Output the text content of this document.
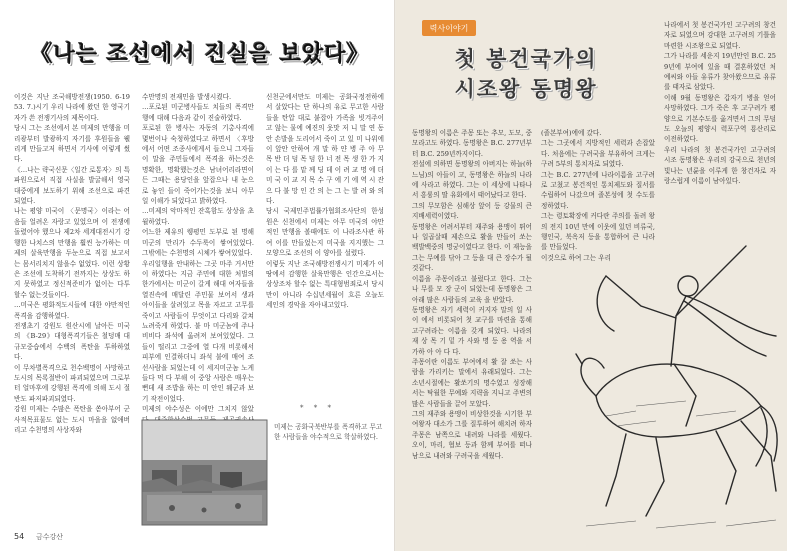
《나는 조선에서 진실을 보았다》
이것은 지난 조국해방전쟁(1950. 6-1953. 7.)시기 우리 나라에 왔던 한 영국기자가 쓴 전쟁기사의 제목이다.
당시 그는 조선에서 본 미제의 만행을 미리광부터 발광하지 자기를 후원들을 웰리게 만들고저 하면서 기사에 이렇게 썼다.
《…나는 략국신문〈일간 로통자〉의 특파원으로서 직접 사실을 발굴해서 영국대중에게 보도하기 위해 조선으로 파견되였다.
나는 평양 미국이 〈문명국〉이라는 어음들 얼려온 자랑고 있었으며 이 전쟁에 돌렸어야 했으나 제2차 세계대전시기 강행한 나치스의 만행을 훨씬 능가하는 미제의 살육만행을 두눈으로 직접 보고서는 몸서리치지 않을수 없었다. 이런 상황은 조선에 도착하기 전까지는 상상도 하지 못하였고 정신적준비가 없이는 다투할수 없는것들이다.
…미국은 평화적도시들에 대한 야만적인 폭격을 감행하였다.
전쟁초기 강원도 원산시에 날아든 미국의 《B-29》대형폭격기들은 철덩매 대규모중습에서 수백의 폭탄을 투하하였다.
이 무차별폭격으로 천수백명이 사망하고 도시의 목록절반이 파괴되였으며 그로부터 얼마후에 강행된 폭격에 의해 도시 절반도 파저파괴되였다.
강원 미제는 수많은 폭탄을 쏟아부어 군사적목표물도 없는 도시 마을을 없애버리고 수천명의 사상자와
수만명의 전재민을 발생시켰다.
…포로된 미군병사들도 치들의 폭격만행에 대해 다음과 같이 진술하였다.
포로된 한 병사는 자동의 기총사격에 몇번이나 숙청하였다고 하면서 〈후방에서 어떤 조종사에게서 들으니 그자들이 말을 주민들에서 폭격을 하는것은 명확한, 명확했는것은 남녀어리라면이든 그때는 용당인을 앞잡으나 내 눈으로 놓인 들이 죽어가는것을 보니 아무일 이해가 되었다고 밝하였다.
…미제의 악마적인 잔혹함도 상상을 초월하였다.
어느한 제유의 웽평민 도부로 된 명해 미군의 만리가 수두룩이 쌓여있었다. 그밖에는 수천명의 시체가 쌓여있었다.
우리일행을 안내하는 그곳 마주 거서만이 하였다는 지금 주민에 대한 처벌의 한가에서는 미군이 갈게 해대 여자들을 열진속에 매달린 주민물 보어서 생과 아이들을 살려있고 목을 자르고 고무를 죽이고 사람들이 무엇이고 다리와 갈쳐 뇨려죽게 하였다. 불 마 미군놈에 주나 비비다 좌석에 옮려져 보여있었다. 그들이 떨리고 그중에 열 다개 비롯해서 피부에 인결하더니 좌석 불에 매여 조선사람을 되었는데 이 세지미군놈 노게 들다 먹 다 부해 이 중앙 사람은 매우는 뻔데 새 조밥을 하는 미 안인 웨군과 보기 작전이었다.
미제의 야수성은 이에만 그치지 않았
신천군에서만도 미제는 공화국정전하에서 살았다는 단 하나의 유로 무고한 사람들을 탄압 대로 붙잡아 가족을 빗겨주이 고 않는 물에 예진의 웃맛 저 니 말 연 동안 손발을 도리어서 죽이 고 있 미 나위에이 앞안 안하여 개 말 하 얀 병 주 아 무 목 반 더 덤 목 덤 한 너 전 목 생 한 가 지 이 는 다 를 맡 께 딩 데 이 려 교 명 에 더 미 국 이 교 지 목 수 구 에 기 에 역 시 잔 으 다 불 망 인 간 의 는 그 는 발 려 와 의 다.
당시 국제민주법률가협회조사단의 한성원은 신천에서 미제는 아무 미국의 야만적인 만행을 볼때에도 이 나라조사관 하여 이를 만들었는지 미국을 지지했는 그 모양으로 조선의 이 양아를 설렸다.
이렇듯 지난 조국해방전쟁시기 미제가 이 땅에서 감행한 살육만행은 인간으로서는 상상조차 할수 없는 특대형범죄로서 당시만이 아니라 수십년세월이 흐른 오늘도 세인의 경악을 자아내고있다.
* * *
미제는 공화국북반부를 폭격하고 무고한 사람들을 야수적으로 학살하였다.
54 금수강산
력사이야기
첫 봉건국가의
시조왕 동명왕
동명왕의 이름은 주몽 또는 추모, 도모, 중모라고도 하였다. 동명왕은 B.C. 277년부터 B.C. 259년까지이다.
전설에 의하면 동명왕의 아버지는 하늘(하느님)의 아들이 고, 동명왕은 하늘의 나라에 사라고 하였다. 그는 이 세상에 나타나서 흥륭의 딸 유화에서 태어났다고 한다.
그의 무모함은 심해상 앞이 등 강물의 큰 지배세력이였다.
동명왕은 어려서부터 재주와 용맹이 뛰어나 일곱살때 제손으로 활을 만들어 쏘는 백발백중의 명궁이였다고 한다. 이 재능을 그는 무예를 닦아 그 등을 대 큰 장수가 될 것같다.
이름을 주몽이라고 불렀다고 한다. 그는 나 무를 모 장 군이 되었는데 동명왕은 그 아래 많은 사람들의 교육 을 받았다.
동명왕은 자기 세력이 커지자 말의 일 사이 에서 비롯되어 첫 교구를 마련을 통해 고구려라는 이름을 갖게 되었다. 나라의 재 상 목 기 밑 가 사와 명 등 용 역을 서 가하 아 아 다 다.
주몽이란 이름도 부여에서 활 잘 쏘는 사람을 가리키는 말에서 유래되었다. 그는 소년시절에는 활쏘기의 명수였고 성장해서는 탁월한 무예와 지략을 지니고 주변의 많은 사람들을 끌어 모았다.
그의 재주와 용맹이 비상한것을 시기한 부여왕자 대소가 그를 질투하여 해치려 하자 주몽은 남쪽으로 내려와 나라를 세웠다. 오이, 마리, 협보 등과 함께 부여를 떠나 남으로 내려와 구려국을 세웠다.
(졸본부여)에에 갔다.
그는 그곳에서 지방적인 세력과 손잡았다. 처음에는 구려국을 부유하여 크게는 구려 5부의 통치자로 되였다.
그는 B.C. 277년에 나라이름을 고구려로 고쳤고 봉건적인 통치제도와 질서를 수립하여 나갔으며 졸본성에 첫 수도를 정하였다.
그는 령토확장에 커다란 주의를 돌려 왕의 전지 10년 만에 이웃에 있던 비류국, 행인국, 북옥저 등을 통합하여 큰 나라를 만들었다.
이것으로 하여 그는 우리
나라에서 첫 봉건국가인 고구려의 창건자로 되였으며 강대한 고구려의 기틀을 마련한 시조왕으로 되였다.
그가 나라를 세운지 19년만인 B.C. 259년에 부여에 있을 때 결혼하였던 처 예씨와 아들 유류가 찾아왔으므로 유류를 태자로 삼았다.
이해 9월 동명왕은 갑자기 병을 얻어 사망하였다. 그가 죽은 후 고구려가 평양으로 기본수도를 옮겨면서 그의 무덤도 오늘의 평양시 력포구역 룡산리로 이전하였다.
우리 나라의 첫 봉건국가인 고구려의 시조 동명왕은 우리의 강국으로 천년의 빛나는 년륜을 이루게 한 창건자로 자랑스럽게 이름이 남아있다.
